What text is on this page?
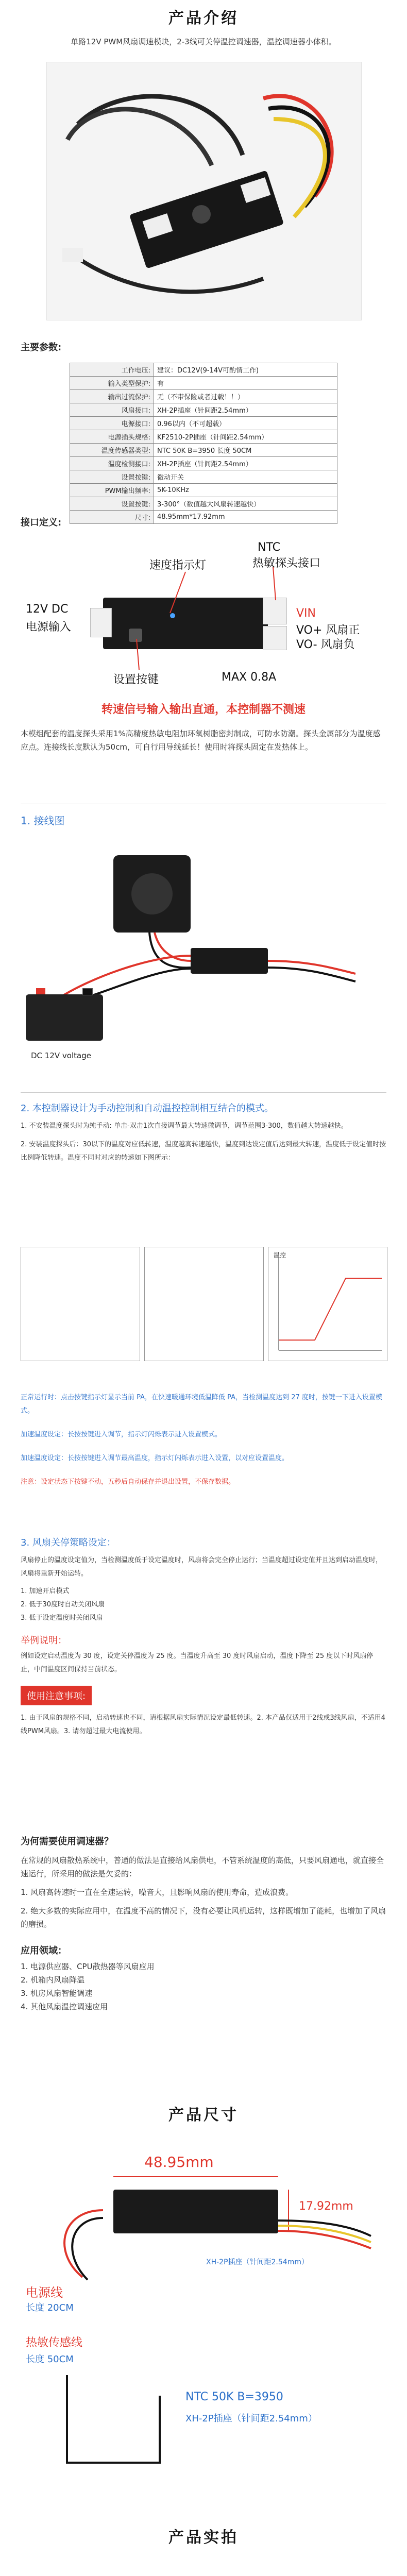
产品介绍
单路12V PWM风扇调速模块，2-3线可关停温控调速器，温控调速器小体积。
主要参数:
工作电压:	建议：DC12V(9-14V可酌情工作)
输入类型保护:	有
输出过流保护:	无（不带保险或者过载！！）
风扇接口:	XH-2P插座（针间距2.54mm）
电源接口:	0.96以内（不可超载）
电源插头规格:	KF2510-2P插座（针间距2.54mm）
温度传感器类型:	NTC 50K B=3950 长度 50CM
温度检测接口:	XH-2P插座（针间距2.54mm）
设置按键:	微动开关
PWM输出频率:	5K-10KHz
设置按键:	3-300°（数值越大风扇转速越快）
尺寸:	48.95mm*17.92mm
接口定义:
速度指示灯
NTC
热敏探头接口
12V DC
电源输入
VIN
VO+ 风扇正
VO- 风扇负
设置按键	MAX 0.8A
转速信号输入输出直通，本控制器不测速
本模组配套的温度探头采用1%高精度热敏电阻加环氧树脂密封制成，可防水防潮。探头金属部分为温度感应点。连接线长度默认为50cm，可自行用导线延长！使用时将探头固定在发热体上。
1. 接线图
DC 12V voltage
2. 本控制器设计为手动控制和自动温控控制相互结合的模式。
1. 不安装温度探头时为纯手动: 单击-双击1次直接调节最大转速微调节，调节范围3-300，数值越大转速越快。
2. 安装温度探头后：30以下的温度对应低转速，温度越高转速越快，温度到达设定值后达到最大转速，温度低于设定值时按比例降低转速。温度不同时对应的转速如下图所示：
温控
正常运行时：点击按键指示灯显示当前 PA，在快速暖通环境低温降低 PA，当检测温度达到 27 度时，按键一下进入设置模式。
加速温度设定：长按按键进入调节，指示灯闪烁表示进入设置模式。
加速温度设定：长按按键进入调节最高温度，指示灯闪烁表示进入设置，以对应设置温度。
注意：设定状态下按键不动，五秒后自动保存并退出设置，不保存数据。
3. 风扇关停策略设定：
风扇停止的温度设定值为，当检测温度低于设定温度时，风扇将会完全停止运行；当温度超过设定值并且达到启动温度时，风扇将重新开始运转。
1. 加速开启模式
2. 低于30度时自动关闭风扇
3. 低于设定温度时关闭风扇
举例说明：
例如设定启动温度为 30 度，设定关停温度为 25 度。当温度升高至 30 度时风扇启动，温度下降至 25 度以下时风扇停止，中间温度区间保持当前状态。
使用注意事项:
1. 由于风扇的规格不同，启动转速也不同，请根据风扇实际情况设定最低转速。2. 本产品仅适用于2线或3线风扇，不适用4线PWM风扇。3. 请勿超过最大电流使用。
为何需要使用调速器？
在常规的风扇散热系统中，普通的做法是直接给风扇供电，不管系统温度的高低，只要风扇通电，就直接全速运行，所采用的做法是欠妥的：
1. 风扇高转速时一直在全速运转，噪音大，且影响风扇的使用寿命，造成浪费。
2. 绝大多数的实际应用中，在温度不高的情况下，没有必要让风机运转，这样既增加了能耗，也增加了风扇的磨损。
应用领域：
1. 电源供应器、CPU散热器等风扇应用
2. 机箱内风扇降温
3. 机房风扇智能调速
4. 其他风扇温控调速应用
产品尺寸
48.95mm
17.92mm
电源线
长度 20CM
XH-2P插座（针间距2.54mm）
热敏传感线
长度 50CM
NTC 50K B=3950
XH-2P插座（针间距2.54mm）
产品实拍
